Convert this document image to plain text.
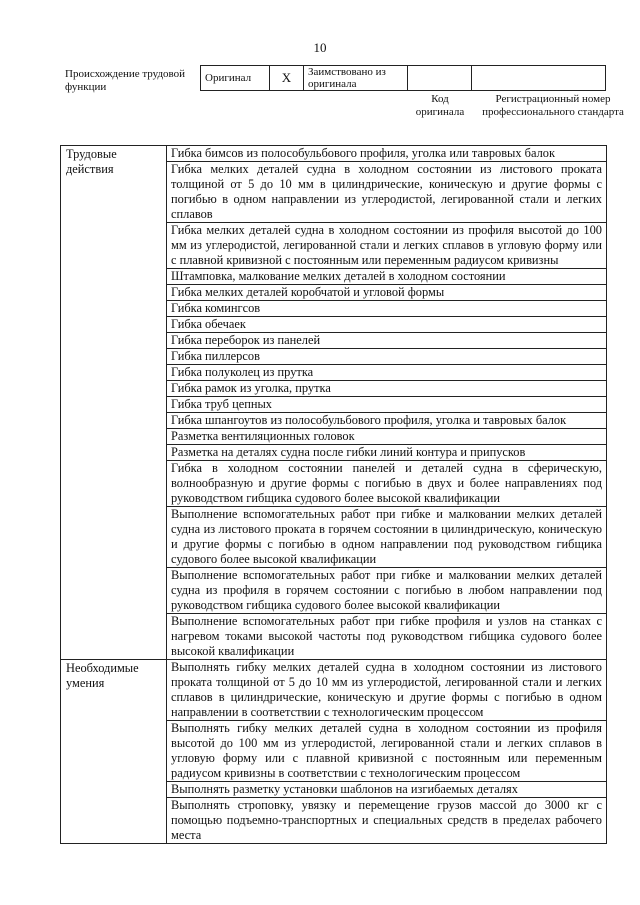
10
Происхождение трудовой функции
Оригинал	X	Заимствовано из оригинала		
Код оригинала
Регистрационный номер профессионального стандарта
Трудовые действия	Гибка бимсов из полособульбового профиля, уголка или тавровых балок
	Гибка мелких деталей судна в холодном состоянии из листового проката толщиной от 5 до 10 мм в цилиндрические, коническую и другие формы с погибью в одном направлении из углеродистой, легированной стали и легких сплавов
	Гибка мелких деталей судна в холодном состоянии из профиля высотой до 100 мм из углеродистой, легированной стали и легких сплавов в угловую форму или с плавной кривизной с постоянным или переменным радиусом кривизны
	Штамповка, малкование мелких деталей в холодном состоянии
	Гибка мелких деталей коробчатой и угловой формы
	Гибка комингсов
	Гибка обечаек
	Гибка переборок из панелей
	Гибка пиллерсов
	Гибка полуколец из прутка
	Гибка рамок из уголка, прутка
	Гибка труб цепных
	Гибка шпангоутов из полособульбового профиля, уголка и тавровых балок
	Разметка вентиляционных головок
	Разметка на деталях судна после гибки линий контура и припусков
	Гибка в холодном состоянии панелей и деталей судна в сферическую, волнообразную и другие формы с погибью в двух и более направлениях под руководством гибщика судового более высокой квалификации
	Выполнение вспомогательных работ при гибке и малковании мелких деталей судна из листового проката в горячем состоянии в цилиндрическую, коническую и другие формы с погибью в одном направлении под руководством гибщика судового более высокой квалификации
	Выполнение вспомогательных работ при гибке и малковании мелких деталей судна из профиля в горячем состоянии с погибью в любом направлении под руководством гибщика судового более высокой квалификации
	Выполнение вспомогательных работ при гибке профиля и узлов на станках с нагревом токами высокой частоты под руководством гибщика судового более высокой квалификации
Необходимые умения	Выполнять гибку мелких деталей судна в холодном состоянии из листового проката толщиной от 5 до 10 мм из углеродистой, легированной стали и легких сплавов в цилиндрические, коническую и другие формы с погибью в одном направлении в соответствии с технологическим процессом
	Выполнять гибку мелких деталей судна в холодном состоянии из профиля высотой до 100 мм из углеродистой, легированной стали и легких сплавов в угловую форму или с плавной кривизной с постоянным или переменным радиусом кривизны в соответствии с технологическим процессом
	Выполнять разметку установки шаблонов на изгибаемых деталях
	Выполнять строповку, увязку и перемещение грузов массой до 3000 кг с помощью подъемно-транспортных и специальных средств в пределах рабочего места
